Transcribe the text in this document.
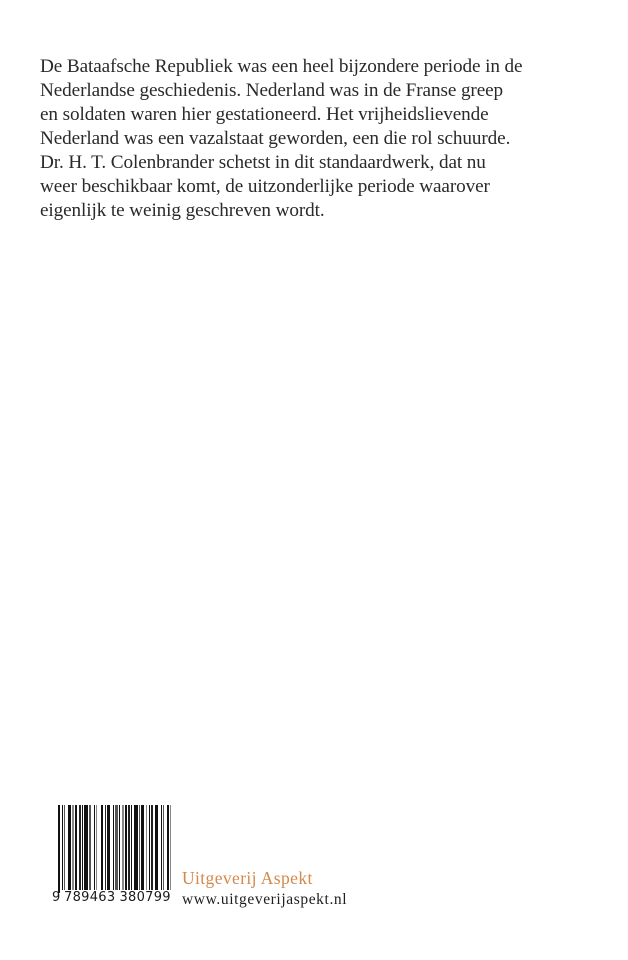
De Bataafsche Republiek was een heel bijzondere periode in de
Nederlandse geschiedenis. Nederland was in de Franse greep
en soldaten waren hier gestationeerd. Het vrijheidslievende
Nederland was een vazalstaat geworden, een die rol schuurde.
Dr. H. T. Colenbrander schetst in dit standaardwerk, dat nu
weer beschikbaar komt, de uitzonderlijke periode waarover
eigenlijk te weinig geschreven wordt.
9 789463 380799
Uitgeverij Aspekt
www.uitgeverijaspekt.nl
